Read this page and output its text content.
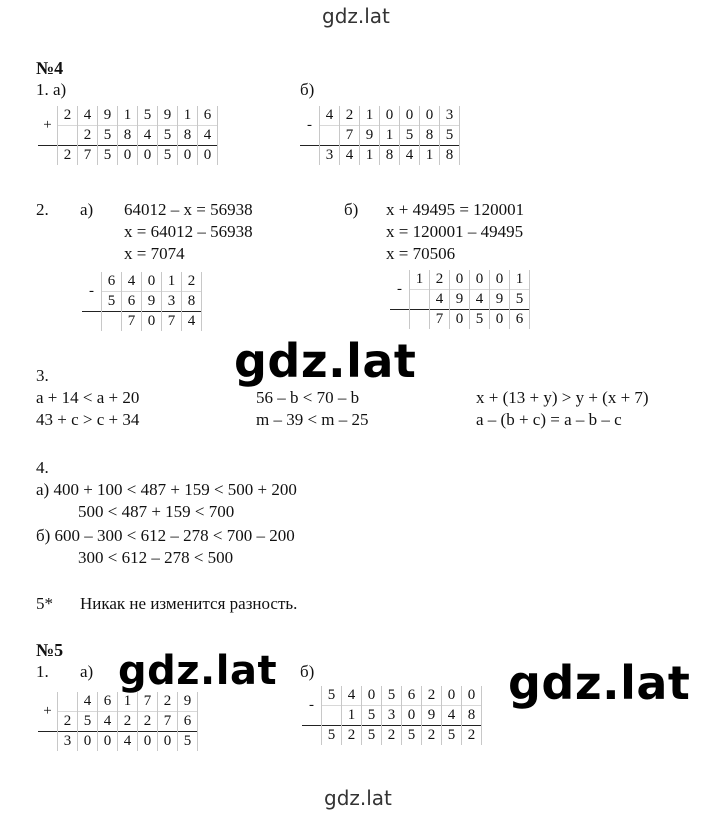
gdz.lat
gdz.lat
gdz.lat	gdz.lat
gdz.lat
№4
1. а)	б)
+	2	4	9	1	5	9	1	6
		2	5	8	4	5	8	4
	2	7	5	0	0	5	0	0
-	4	2	1	0	0	0	3
		7	9	1	5	8	5
	3	4	1	8	4	1	8
2. а) 64012 – x = 56938
x = 64012 – 56938
x = 7074
б) x + 49495 = 120001
x = 120001 – 49495
x = 70506
-	6	4	0	1	2
	5	6	9	3	8
		7	0	7	4
-	1	2	0	0	0	1
		4	9	4	9	5
		7	0	5	0	6
3.
a + 14 < a + 20
43 + c > c + 34
56 – b < 70 – b
m – 39 < m – 25
x + (13 + y) > y + (x + 7)
a – (b + c) = a – b – c
4.
а) 400 + 100 < 487 + 159 < 500 + 200
500 < 487 + 159 < 700
б) 600 – 300 < 612 – 278 < 700 – 200
300 < 612 – 278 < 500
5* Никак не изменится разность.
№5
1. а)	б)
+		4	6	1	7	2	9
	2	5	4	2	2	7	6
	3	0	0	4	0	0	5
-	5	4	0	5	6	2	0	0
		1	5	3	0	9	4	8
	5	2	5	2	5	2	5	2
